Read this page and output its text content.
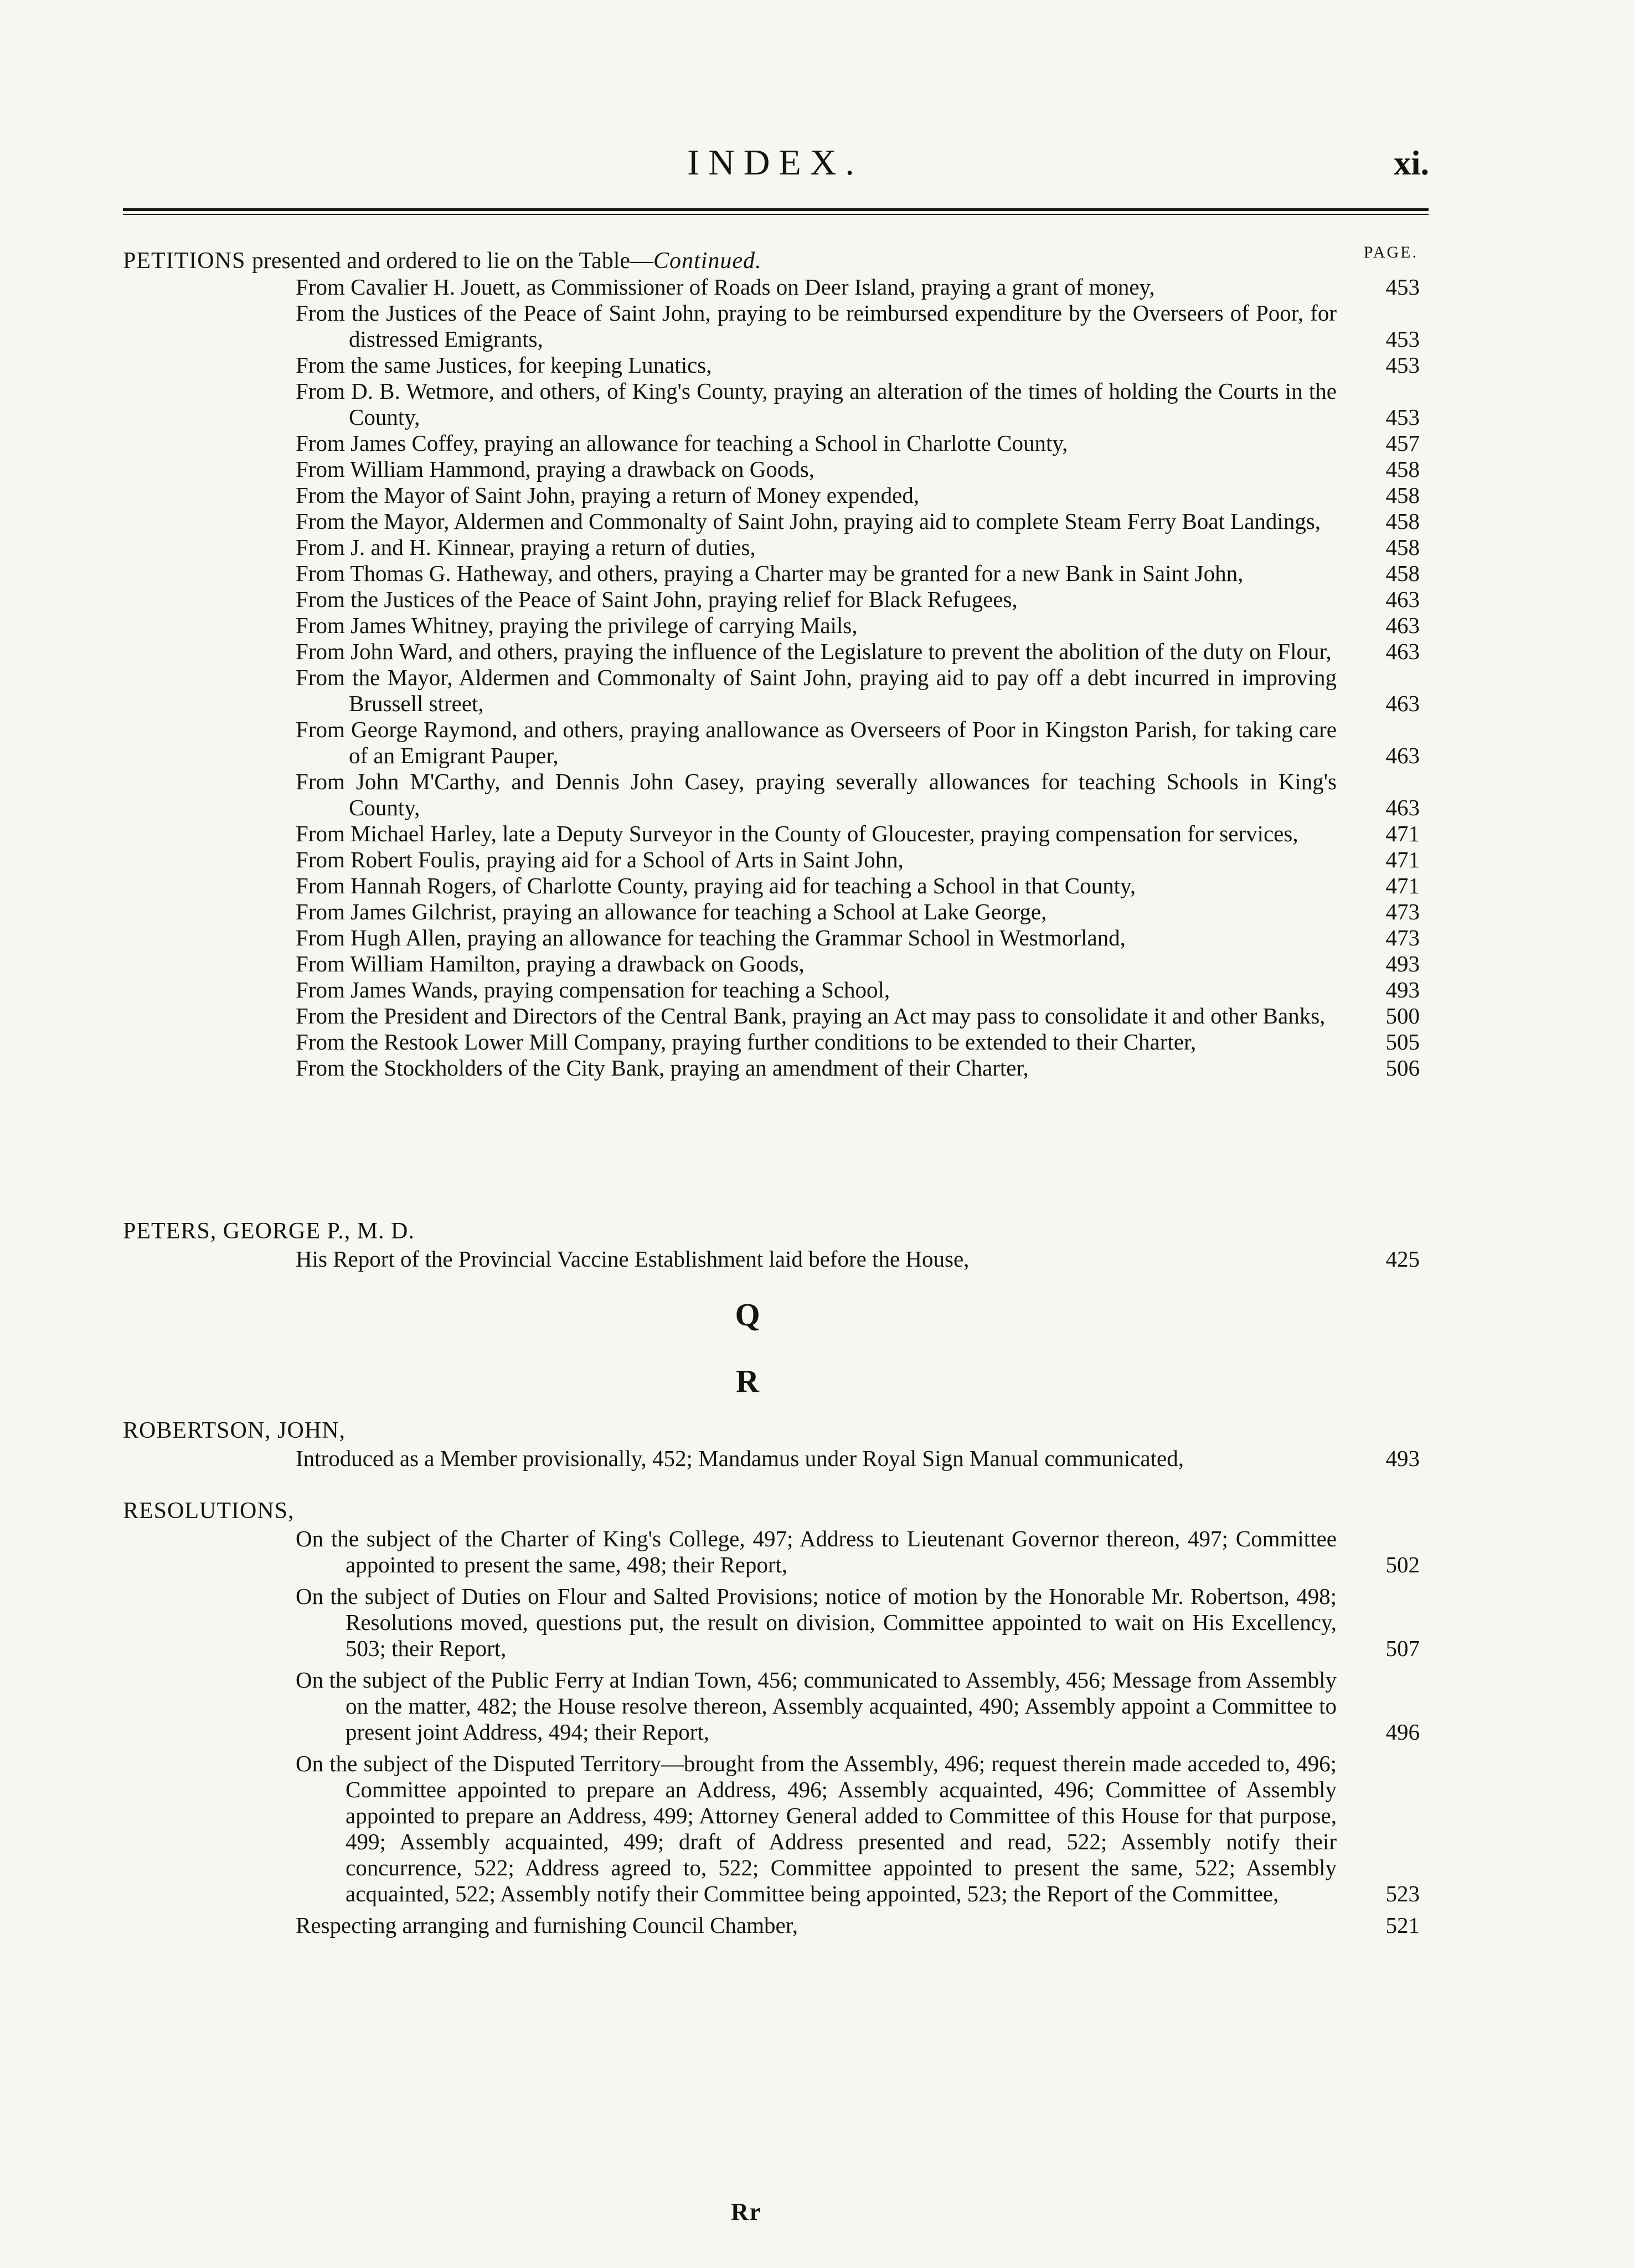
INDEX.	xi.
PAGE.
PETITIONS presented and ordered to lie on the Table—Continued.
From Cavalier H. Jouett, as Commissioner of Roads on Deer Island, praying a grant of money,	453
From the Justices of the Peace of Saint John, praying to be reimbursed expenditure by the Overseers of Poor, for distressed Emigrants,	453
From the same Justices, for keeping Lunatics,	453
From D. B. Wetmore, and others, of King's County, praying an alteration of the times of holding the Courts in the County,	453
From James Coffey, praying an allowance for teaching a School in Charlotte County,	457
From William Hammond, praying a drawback on Goods,	458
From the Mayor of Saint John, praying a return of Money expended,	458
From the Mayor, Aldermen and Commonalty of Saint John, praying aid to complete Steam Ferry Boat Landings,	458
From J. and H. Kinnear, praying a return of duties,	458
From Thomas G. Hatheway, and others, praying a Charter may be granted for a new Bank in Saint John,	458
From the Justices of the Peace of Saint John, praying relief for Black Refugees,	463
From James Whitney, praying the privilege of carrying Mails,	463
From John Ward, and others, praying the influence of the Legislature to prevent the abolition of the duty on Flour,	463
From the Mayor, Aldermen and Commonalty of Saint John, praying aid to pay off a debt incurred in improving Brussell street,	463
From George Raymond, and others, praying anallowance as Overseers of Poor in Kingston Parish, for taking care of an Emigrant Pauper,	463
From John M'Carthy, and Dennis John Casey, praying severally allowances for teaching Schools in King's County,	463
From Michael Harley, late a Deputy Surveyor in the County of Gloucester, praying compensation for services,	471
From Robert Foulis, praying aid for a School of Arts in Saint John,	471
From Hannah Rogers, of Charlotte County, praying aid for teaching a School in that County,	471
From James Gilchrist, praying an allowance for teaching a School at Lake George,	473
From Hugh Allen, praying an allowance for teaching the Grammar School in Westmorland,	473
From William Hamilton, praying a drawback on Goods,	493
From James Wands, praying compensation for teaching a School,	493
From the President and Directors of the Central Bank, praying an Act may pass to consolidate it and other Banks,	500
From the Restook Lower Mill Company, praying further conditions to be extended to their Charter,	505
From the Stockholders of the City Bank, praying an amendment of their Charter,	506
PETERS, GEORGE P., M. D.
His Report of the Provincial Vaccine Establishment laid before the House,	425
Q
R
ROBERTSON, JOHN,
Introduced as a Member provisionally, 452; Mandamus under Royal Sign Manual communicated,	493
RESOLUTIONS,
On the subject of the Charter of King's College, 497; Address to Lieutenant Governor thereon, 497; Committee appointed to present the same, 498; their Report,	502
On the subject of Duties on Flour and Salted Provisions; notice of motion by the Honorable Mr. Robertson, 498; Resolutions moved, questions put, the result on division, Committee appointed to wait on His Excellency, 503; their Report,	507
On the subject of the Public Ferry at Indian Town, 456; communicated to Assembly, 456; Message from Assembly on the matter, 482; the House resolve thereon, Assembly acquainted, 490; Assembly appoint a Committee to present joint Address, 494; their Report,	496
On the subject of the Disputed Territory—brought from the Assembly, 496; request therein made acceded to, 496; Committee appointed to prepare an Address, 496; Assembly acquainted, 496; Committee of Assembly appointed to prepare an Address, 499; Attorney General added to Committee of this House for that purpose, 499; Assembly acquainted, 499; draft of Address presented and read, 522; Assembly notify their concurrence, 522; Address agreed to, 522; Committee appointed to present the same, 522; Assembly acquainted, 522; Assembly notify their Committee being appointed, 523; the Report of the Committee,	523
Respecting arranging and furnishing Council Chamber,	521
Rr
